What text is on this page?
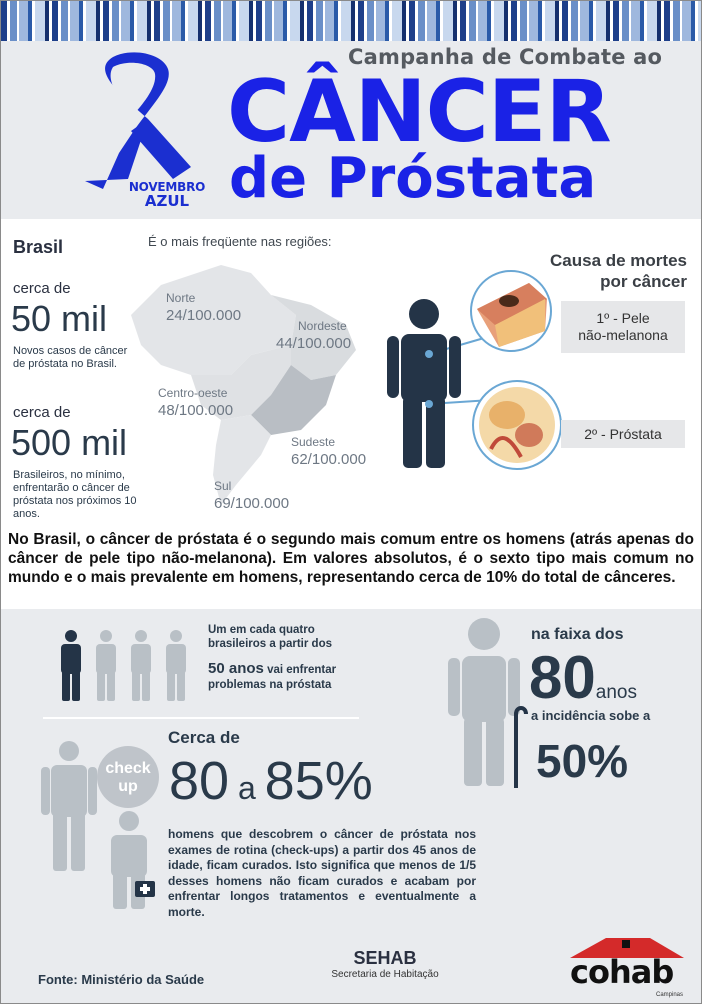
NOVEMBRO
AZUL
Campanha de Combate ao
CÂNCER
de Próstata
Brasil
cerca de
50 mil
Novos casos de câncer de próstata no Brasil.
cerca de
500 mil
Brasileiros, no mínimo, enfrentarão o câncer de próstata nos próximos 10 anos.
É o mais freqüente nas regiões:
Norte
24/100.000
Nordeste
44/100.000
Centro-oeste
48/100.000
Sudeste
62/100.000
Sul
69/100.000
Causa de mortes
por câncer
1º - Pele
não-melanona
2º - Próstata
No Brasil, o câncer de próstata é o segundo mais comum entre os homens (atrás apenas do câncer de pele tipo não-melanona). Em valores absolutos, é o sexto tipo mais comum no mundo e o mais prevalente em homens, representando cerca de 10% do total de cânceres.
Um em cada quatro brasileiros a partir dos
50 anos vai enfrentar problemas na próstata
check
up
Cerca de
80 a 85%
homens que descobrem o câncer de próstata nos exames de rotina (check-ups) a partir dos 45 anos de idade, ficam curados. Isto significa que menos de 1/5 desses homens não ficam curados e acabam por enfrentar longos tratamentos e eventualmente a morte.
na faixa dos
80anos
a incidência sobe a
50%
Fonte: Ministério da Saúde
SEHAB
Secretaria de Habitação	cohab
Campinas
